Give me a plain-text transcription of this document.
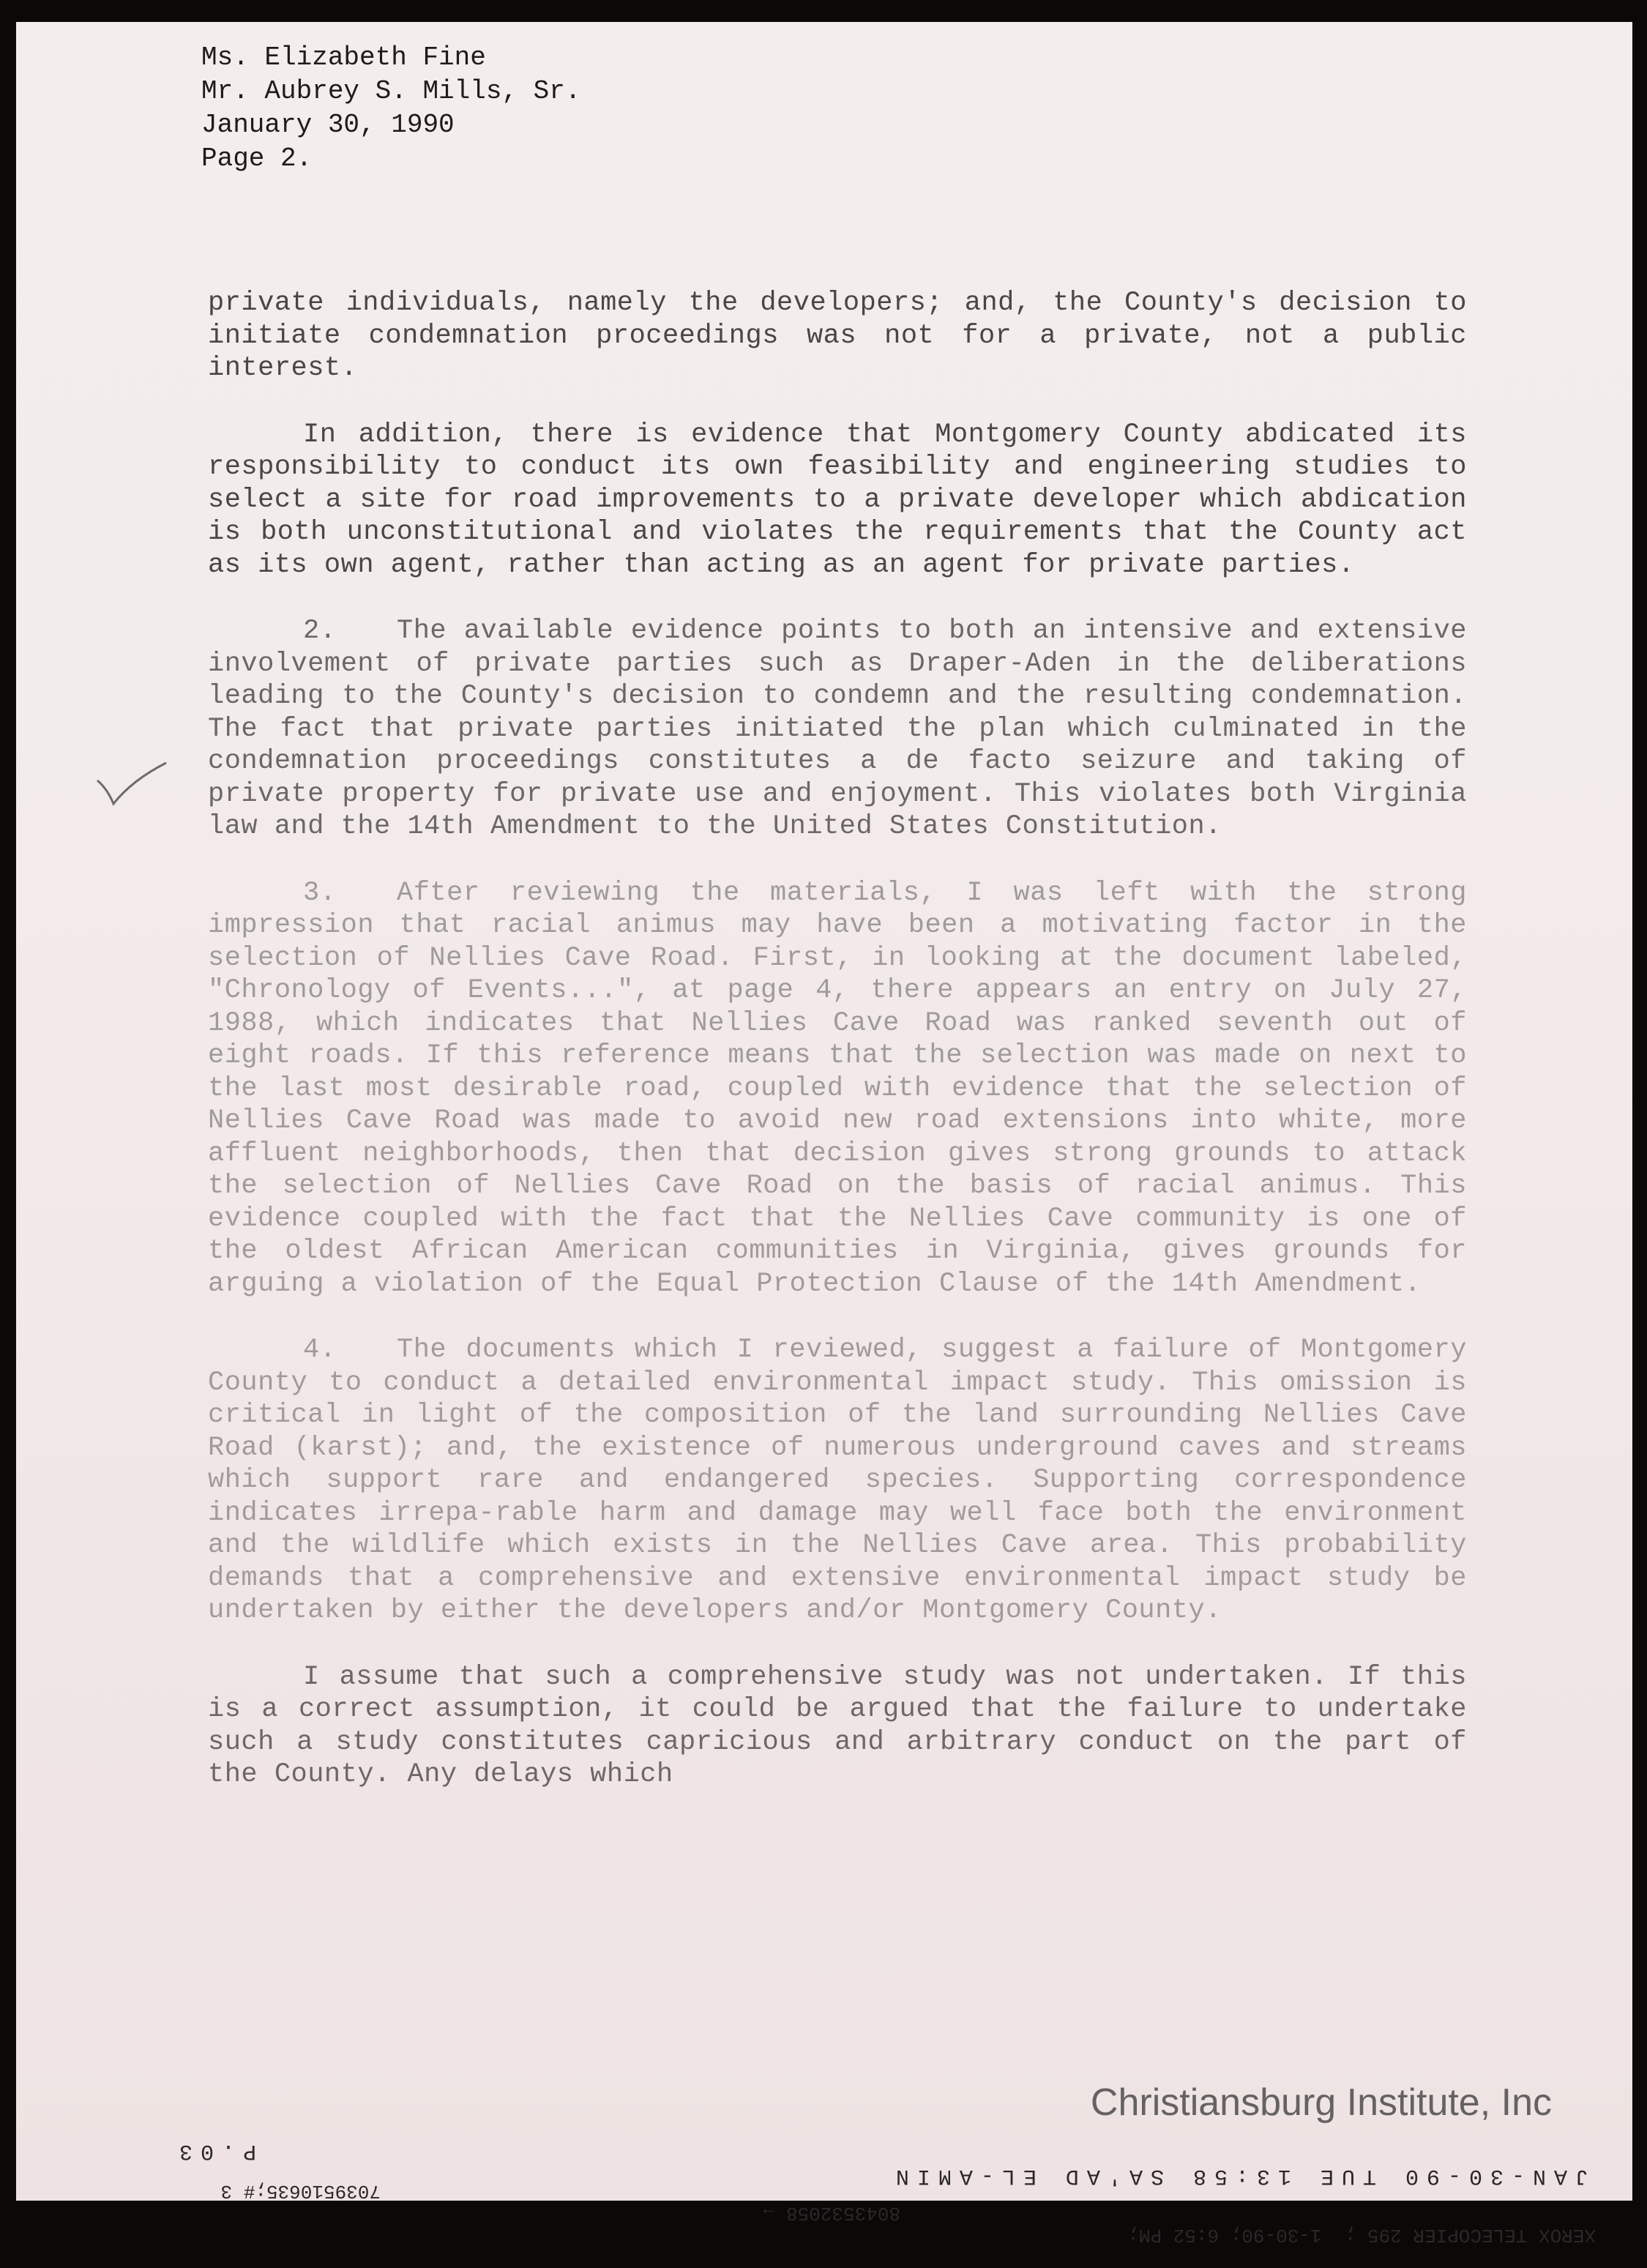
Ms. Elizabeth Fine
Mr. Aubrey S. Mills, Sr.
January 30, 1990
Page 2.

private individuals, namely the developers; and, the County's decision to initiate condemnation proceedings was not for a private, not a public interest.

In addition, there is evidence that Montgomery County abdicated its responsibility to conduct its own feasibility and engineering studies to select a site for road improvements to a private developer which abdication is both unconstitutional and violates the requirements that the County act as its own agent, rather than acting as an agent for private parties.

2. The available evidence points to both an intensive and extensive involvement of private parties such as Draper-Aden in the deliberations leading to the County's decision to condemn and the resulting condemnation. The fact that private parties initiated the plan which culminated in the condemnation proceedings constitutes a de facto seizure and taking of private property for private use and enjoyment. This violates both Virginia law and the 14th Amendment to the United States Constitution.

3. After reviewing the materials, I was left with the strong impression that racial animus may have been a motivating factor in the selection of Nellies Cave Road. First, in looking at the document labeled, "Chronology of Events...", at page 4, there appears an entry on July 27, 1988, which indicates that Nellies Cave Road was ranked seventh out of eight roads. If this reference means that the selection was made on next to the last most desirable road, coupled with evidence that the selection of Nellies Cave Road was made to avoid new road extensions into white, more affluent neighborhoods, then that decision gives strong grounds to attack the selection of Nellies Cave Road on the basis of racial animus. This evidence coupled with the fact that the Nellies Cave community is one of the oldest African American communities in Virginia, gives grounds for arguing a violation of the Equal Protection Clause of the 14th Amendment.

4. The documents which I reviewed, suggest a failure of Montgomery County to conduct a detailed environmental impact study. This omission is critical in light of the composition of the land surrounding Nellies Cave Road (karst); and, the existence of numerous underground caves and streams which support rare and endangered species. Supporting correspondence indicates irrepa-rable harm and damage may well face both the environment and the wildlife which exists in the Nellies Cave area. This probability demands that a comprehensive and extensive environmental impact study be undertaken by either the developers and/or Montgomery County.

I assume that such a comprehensive study was not undertaken. If this is a correct assumption, it could be argued that the failure to undertake such a study constitutes capricious and arbitrary conduct on the part of the County. Any delays which

JAN-30-90 TUE 13:58 SA'AD EL-AMIN

P.03

XEROX TELECOPIER 295 ;  1-30-90; 6:52 PM;

8043532058 →

7039510635;# 3

Christiansburg Institute, Inc
